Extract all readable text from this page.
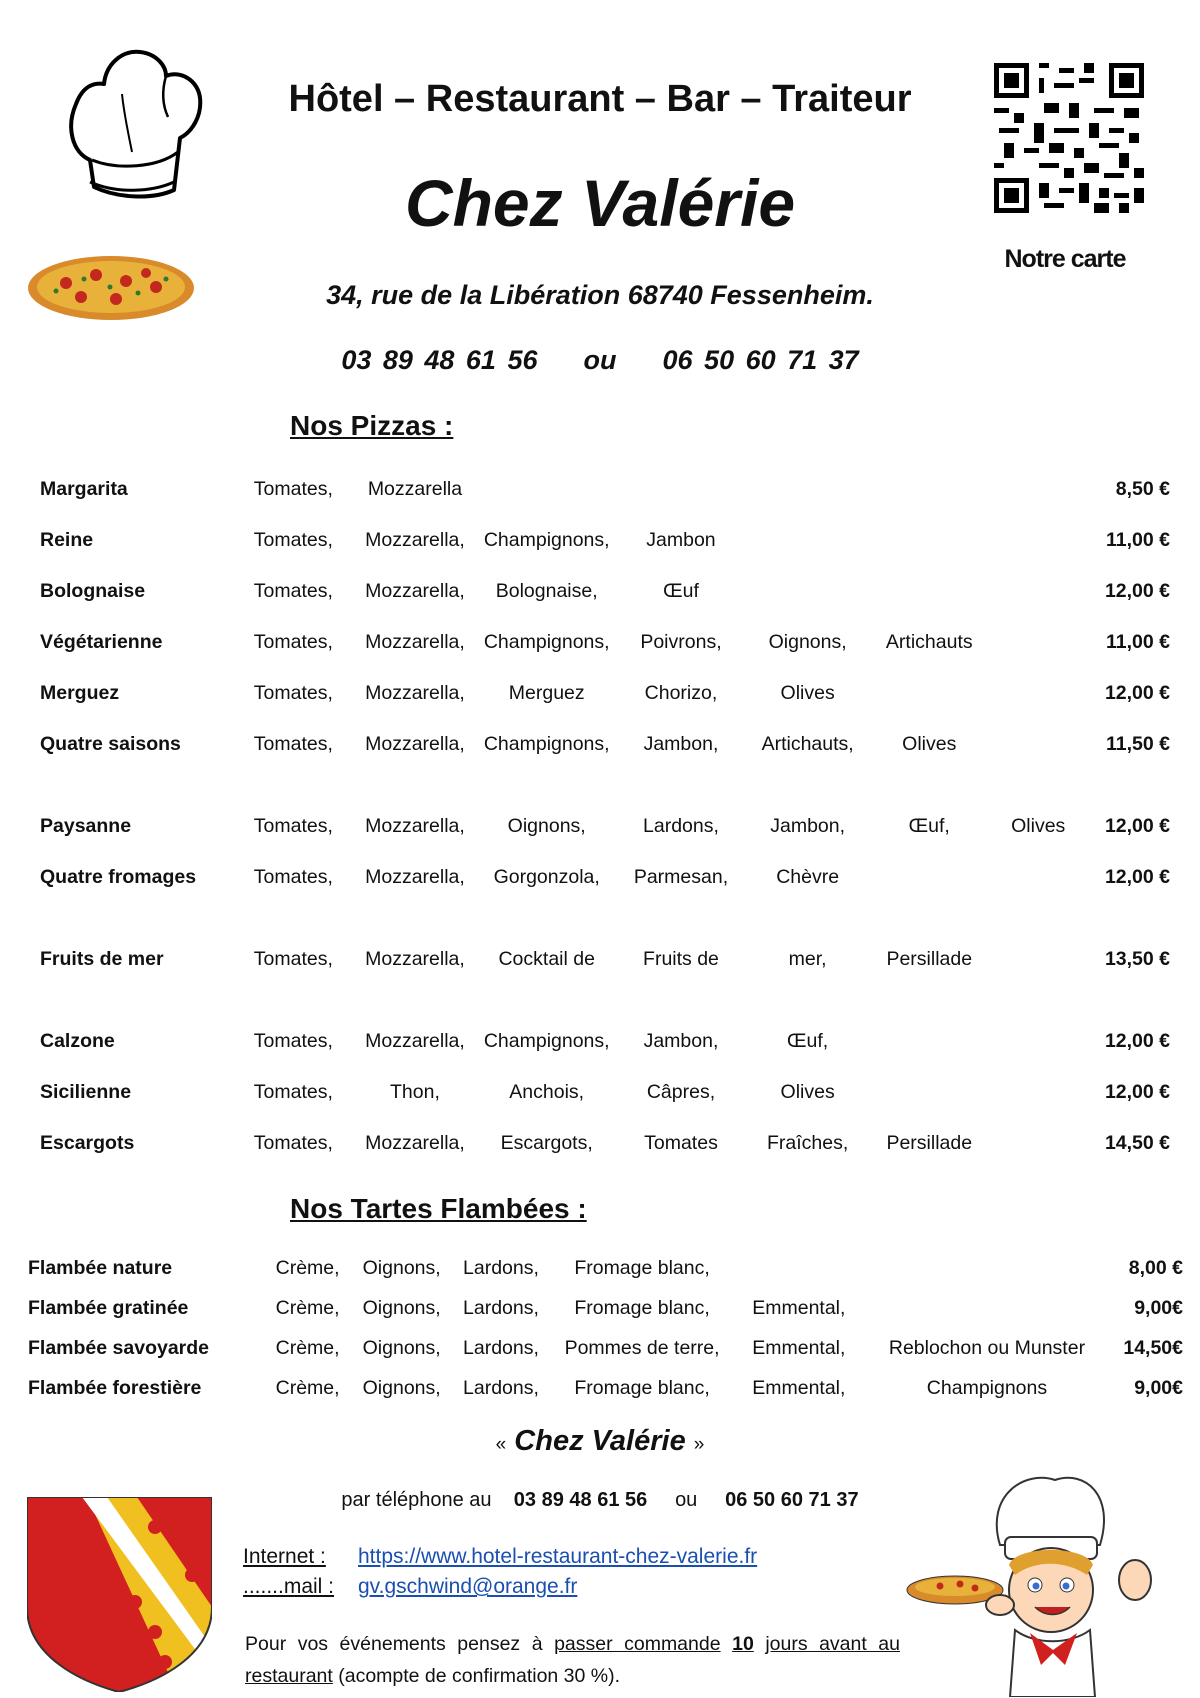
Notre carte
Hôtel – Restaurant – Bar – Traiteur
Chez Valérie
34, rue de la Libération 68740 Fessenheim.
03 89 48 61 56 ou 06 50 60 71 37
Nos Pizzas :
Margarita	Tomates,	Mozzarella						8,50 €
Reine	Tomates,	Mozzarella,	Champignons,	Jambon				11,00 €
Bolognaise	Tomates,	Mozzarella,	Bolognaise,	Œuf				12,00 €
Végétarienne	Tomates,	Mozzarella,	Champignons,	Poivrons,	Oignons,	Artichauts		11,00 €
Merguez	Tomates,	Mozzarella,	Merguez	Chorizo,	Olives			12,00 €
Quatre saisons	Tomates,	Mozzarella,	Champignons,	Jambon,	Artichauts,	Olives		11,50 €
Paysanne	Tomates,	Mozzarella,	Oignons,	Lardons,	Jambon,	Œuf,	Olives	12,00 €
Quatre fromages	Tomates,	Mozzarella,	Gorgonzola,	Parmesan,	Chèvre			12,00 €
Fruits de mer	Tomates,	Mozzarella,	Cocktail de	Fruits de	mer,	Persillade		13,50 €
Calzone	Tomates,	Mozzarella,	Champignons,	Jambon,	Œuf,			12,00 €
Sicilienne	Tomates,	Thon,	Anchois,	Câpres,	Olives			12,00 €
Escargots	Tomates,	Mozzarella,	Escargots,	Tomates	Fraîches,	Persillade		14,50 €
Nos Tartes Flambées :
Flambée nature	Crème,	Oignons,	Lardons,	Fromage blanc,			8,00 €
Flambée gratinée	Crème,	Oignons,	Lardons,	Fromage blanc,	Emmental,		9,00€
Flambée savoyarde	Crème,	Oignons,	Lardons,	Pommes de terre,	Emmental,	Reblochon ou Munster	14,50€
Flambée forestière	Crème,	Oignons,	Lardons,	Fromage blanc,	Emmental,	Champignons	9,00€
« Chez Valérie »
par téléphone au 03 89 48 61 56 ou 06 50 60 71 37
Internet : https://www.hotel-restaurant-chez-valerie.fr
.......mail : gv.gschwind@orange.fr
Pour vos événements pensez à passer commande 10 jours avant au restaurant (acompte de confirmation 30 %).
